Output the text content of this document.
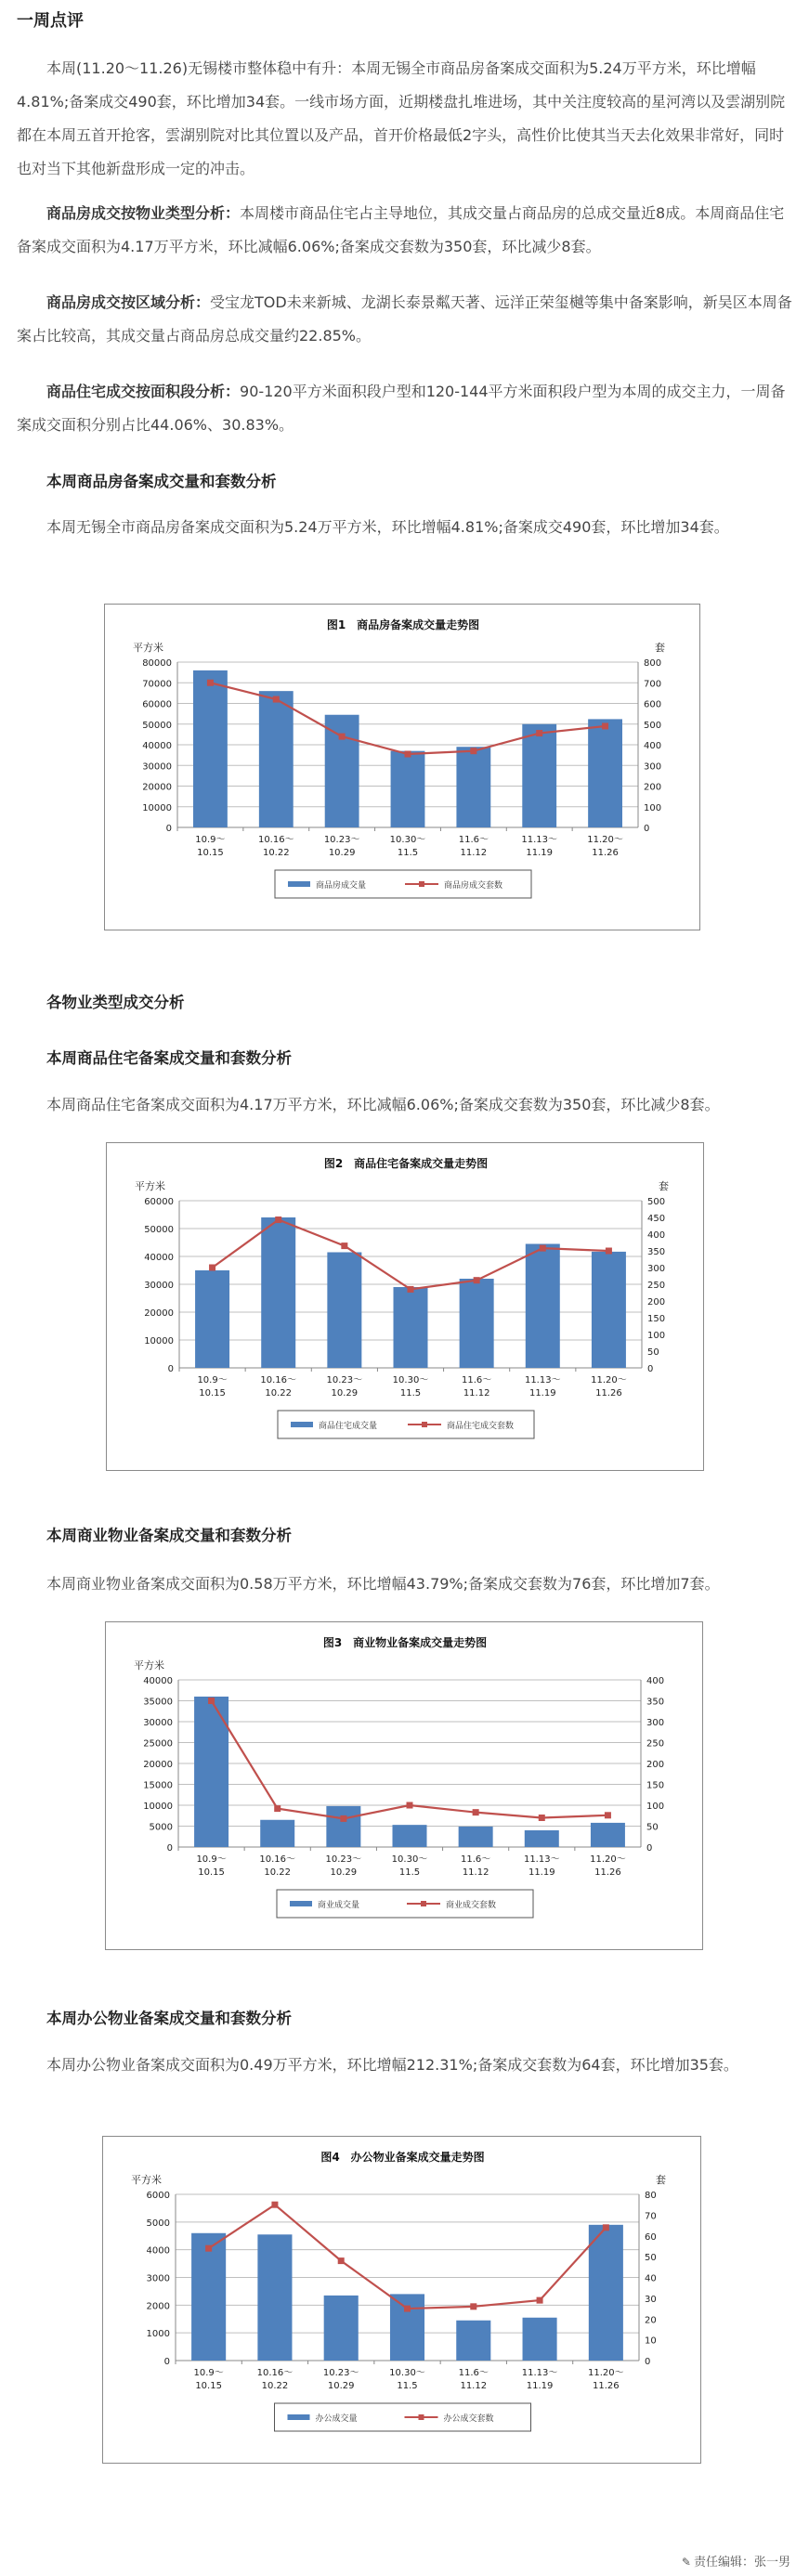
一周点评
本周(11.20～11.26)无锡楼市整体稳中有升：本周无锡全市商品房备案成交面积为5.24万平方米，环比增幅4.81%;备案成交490套，环比增加34套。一线市场方面，近期楼盘扎堆进场，其中关注度较高的星河湾以及雲湖别院都在本周五首开抢客，雲湖别院对比其位置以及产品，首开价格最低2字头，高性价比使其当天去化效果非常好，同时也对当下其他新盘形成一定的冲击。
商品房成交按物业类型分析：本周楼市商品住宅占主导地位，其成交量占商品房的总成交量近8成。本周商品住宅备案成交面积为4.17万平方米，环比减幅6.06%;备案成交套数为350套，环比减少8套。
商品房成交按区域分析：受宝龙TOD未来新城、龙湖长泰景粼天著、远洋正荣玺樾等集中备案影响，新吴区本周备案占比较高，其成交量占商品房总成交量约22.85%。
商品住宅成交按面积段分析：90-120平方米面积段户型和120-144平方米面积段户型为本周的成交主力，一周备案成交面积分别占比44.06%、30.83%。
本周商品房备案成交量和套数分析
本周无锡全市商品房备案成交面积为5.24万平方米，环比增幅4.81%;备案成交490套，环比增加34套。
图1　商品房备案成交量走势图
平方米	套
0
10000
20000
30000
40000
50000
60000
70000
80000
0
100
200
300
400
500
600
700
800
10.9～
10.15
10.16～
10.22
10.23～
10.29
10.30～
11.5
11.6～
11.12
11.13～
11.19
11.20～
11.26
商品房成交量	商品房成交套数
各物业类型成交分析
本周商品住宅备案成交量和套数分析
本周商品住宅备案成交面积为4.17万平方米，环比减幅6.06%;备案成交套数为350套，环比减少8套。
图2　商品住宅备案成交量走势图
平方米	套
0
10000
20000
30000
40000
50000
60000
0
50
100
150
200
250
300
350
400
450
500
10.9～
10.15
10.16～
10.22
10.23～
10.29
10.30～
11.5
11.6～
11.12
11.13～
11.19
11.20～
11.26
商品住宅成交量	商品住宅成交套数
本周商业物业备案成交量和套数分析
本周商业物业备案成交面积为0.58万平方米，环比增幅43.79%;备案成交套数为76套，环比增加7套。
图3　商业物业备案成交量走势图
平方米
0
5000
10000
15000
20000
25000
30000
35000
40000
0
50
100
150
200
250
300
350
400
10.9～
10.15
10.16～
10.22
10.23～
10.29
10.30～
11.5
11.6～
11.12
11.13～
11.19
11.20～
11.26
商业成交量	商业成交套数
本周办公物业备案成交量和套数分析
本周办公物业备案成交面积为0.49万平方米，环比增幅212.31%;备案成交套数为64套，环比增加35套。
图4　办公物业备案成交量走势图
平方米	套
0
1000
2000
3000
4000
5000
6000
0
10
20
30
40
50
60
70
80
10.9～
10.15
10.16～
10.22
10.23～
10.29
10.30～
11.5
11.6～
11.12
11.13～
11.19
11.20～
11.26
办公成交量	办公成交套数
✎ 责任编辑：张一男
